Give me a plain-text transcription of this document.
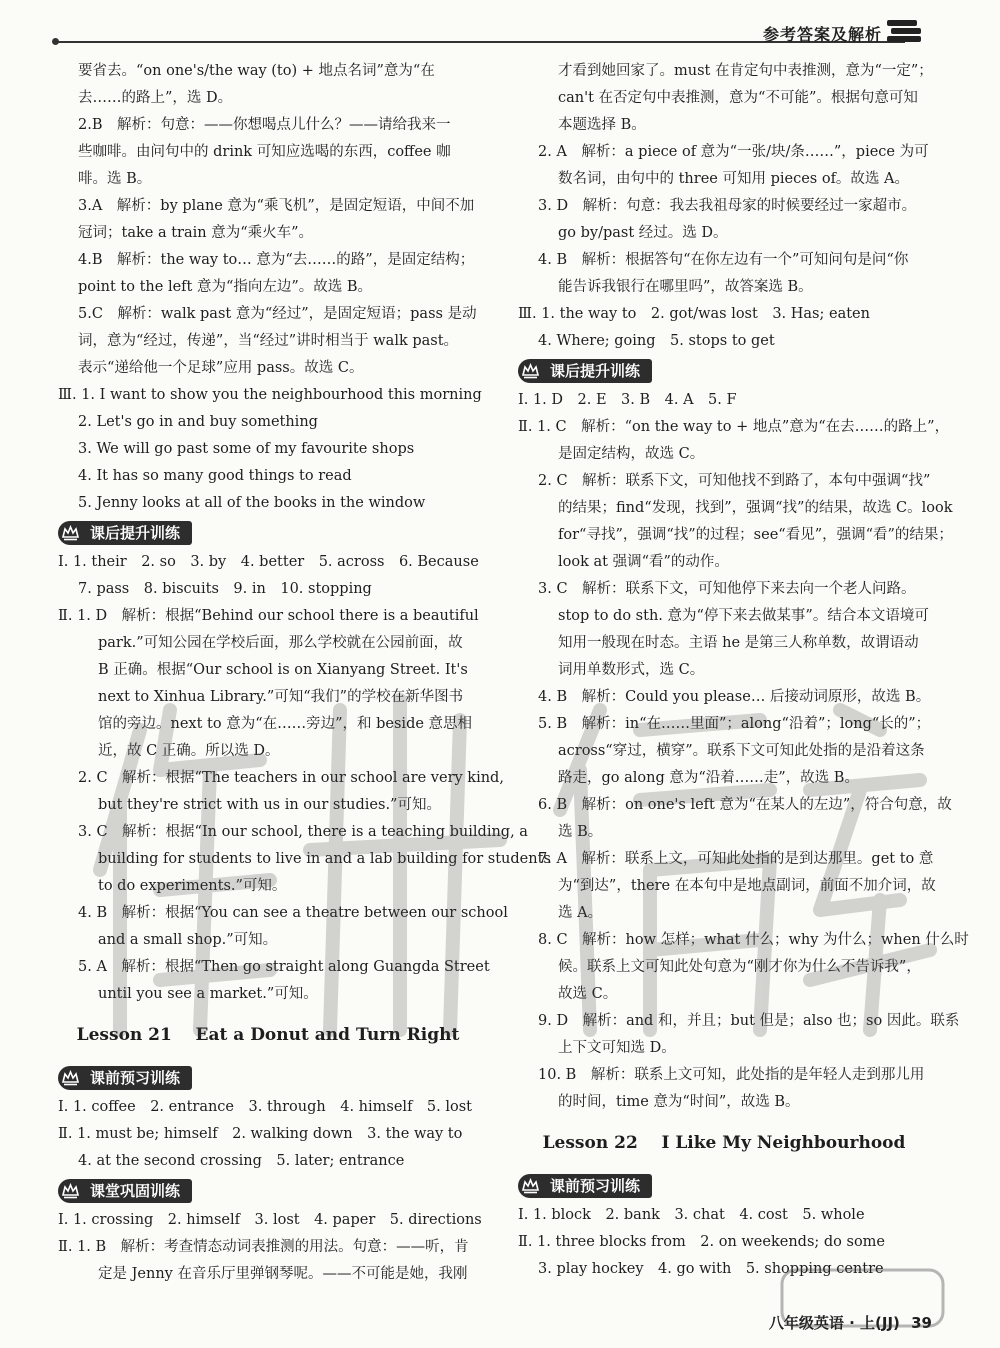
参考答案及解析
要省去。“on one's/the way (to) + 地点名词”意为“在
去……的路上”，选 D。
2.B　解析：句意：——你想喝点儿什么？——请给我来一
些咖啡。由问句中的 drink 可知应选喝的东西，coffee 咖
啡。选 B。
3.A　解析：by plane 意为“乘飞机”，是固定短语，中间不加
冠词；take a train 意为“乘火车”。
4.B　解析：the way to… 意为“去……的路”，是固定结构；
point to the left 意为“指向左边”。故选 B。
5.C　解析：walk past 意为“经过”，是固定短语；pass 是动
词，意为“经过，传递”，当“经过”讲时相当于 walk past。
表示“递给他一个足球”应用 pass。故选 C。
Ⅲ. 1. I want to show you the neighbourhood this morning
2. Let's go in and buy something
3. We will go past some of my favourite shops
4. It has so many good things to read
5. Jenny looks at all of the books in the window
课后提升训练
Ⅰ. 1. their　2. so　3. by　4. better　5. across　6. Because
7. pass　8. biscuits　9. in　10. stopping
Ⅱ. 1. D　解析：根据“Behind our school there is a beautiful
park.”可知公园在学校后面，那么学校就在公园前面，故
B 正确。根据“Our school is on Xianyang Street. It's
next to Xinhua Library.”可知“我们”的学校在新华图书
馆的旁边。next to 意为“在……旁边”，和 beside 意思相
近，故 C 正确。所以选 D。
2. C　解析：根据“The teachers in our school are very kind,
but they're strict with us in our studies.”可知。
3. C　解析：根据“In our school, there is a teaching building, a
building for students to live in and a lab building for students
to do experiments.”可知。
4. B　解析：根据“You can see a theatre between our school
and a small shop.”可知。
5. A　解析：根据“Then go straight along Guangda Street
until you see a market.”可知。
Lesson 21    Eat a Donut and Turn Right
课前预习训练
Ⅰ. 1. coffee　2. entrance　3. through　4. himself　5. lost
Ⅱ. 1. must be; himself　2. walking down　3. the way to
4. at the second crossing　5. later; entrance
课堂巩固训练
Ⅰ. 1. crossing　2. himself　3. lost　4. paper　5. directions
Ⅱ. 1. B　解析：考查情态动词表推测的用法。句意：——听，肯
定是 Jenny 在音乐厅里弹钢琴呢。——不可能是她，我刚
才看到她回家了。must 在肯定句中表推测，意为“一定”；
can't 在否定句中表推测，意为“不可能”。根据句意可知
本题选择 B。
2. A　解析：a piece of 意为“一张/块/条……”，piece 为可
数名词，由句中的 three 可知用 pieces of。故选 A。
3. D　解析：句意：我去我祖母家的时候要经过一家超市。
go by/past 经过。选 D。
4. B　解析：根据答句“在你左边有一个”可知问句是问“你
能告诉我银行在哪里吗”，故答案选 B。
Ⅲ. 1. the way to　2. got/was lost　3. Has; eaten
4. Where; going　5. stops to get
课后提升训练
Ⅰ. 1. D　2. E　3. B　4. A　5. F
Ⅱ. 1. C　解析：“on the way to + 地点”意为“在去……的路上”，
是固定结构，故选 C。
2. C　解析：联系下文，可知他找不到路了，本句中强调“找”
的结果；find“发现，找到”，强调“找”的结果，故选 C。look
for“寻找”，强调“找”的过程；see“看见”，强调“看”的结果；
look at 强调“看”的动作。
3. C　解析：联系下文，可知他停下来去向一个老人问路。
stop to do sth. 意为“停下来去做某事”。结合本文语境可
知用一般现在时态。主语 he 是第三人称单数，故谓语动
词用单数形式，选 C。
4. B　解析：Could you please… 后接动词原形，故选 B。
5. B　解析：in“在……里面”；along“沿着”；long“长的”；
across“穿过，横穿”。联系下文可知此处指的是沿着这条
路走，go along 意为“沿着……走”，故选 B。
6. B　解析：on one's left 意为“在某人的左边”，符合句意，故
选 B。
7. A　解析：联系上文，可知此处指的是到达那里。get to 意
为“到达”，there 在本句中是地点副词，前面不加介词，故
选 A。
8. C　解析：how 怎样；what 什么；why 为什么；when 什么时
候。联系上文可知此处句意为“刚才你为什么不告诉我”，
故选 C。
9. D　解析：and 和，并且；but 但是；also 也；so 因此。联系
上下文可知选 D。
10. B　解析：联系上文可知，此处指的是年轻人走到那儿用
的时间，time 意为“时间”，故选 B。
Lesson 22    I Like My Neighbourhood
课前预习训练
Ⅰ. 1. block　2. bank　3. chat　4. cost　5. whole
Ⅱ. 1. three blocks from　2. on weekends; do some
3. play hockey　4. go with　5. shopping centre
八年级英语 · 上(JJ) 39
